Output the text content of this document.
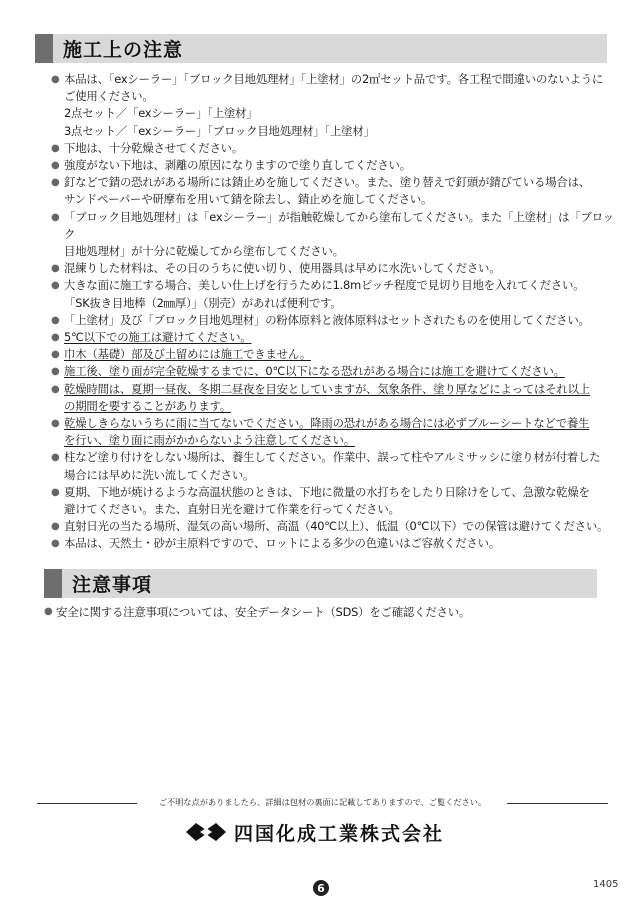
施工上の注意
● 本品は、「exシーラー」「ブロック目地処理材」「上塗材」の2㎡セット品です。各工程で間違いのないように
ご使用ください。
2点セット／「exシーラー」「上塗材」
3点セット／「exシーラー」「ブロック目地処理材」「上塗材」
● 下地は、十分乾燥させてください。
● 強度がない下地は、剥離の原因になりますので塗り直してください。
● 釘などで錆の恐れがある場所には錆止めを施してください。また、塗り替えで釘頭が錆びている場合は、
サンドペーパーや研摩布を用いて錆を除去し、錆止めを施してください。
● 「ブロック目地処理材」は「exシーラー」が指触乾燥してから塗布してください。また「上塗材」は「ブロック
目地処理材」が十分に乾燥してから塗布してください。
● 混練りした材料は、その日のうちに使い切り、使用器具は早めに水洗いしてください。
● 大きな面に施工する場合、美しい仕上げを行うために1.8mピッチ程度で見切り目地を入れてください。
「SK抜き目地棒（2㎜厚）」（別売）があれば便利です。
● 「上塗材」及び「ブロック目地処理材」の粉体原料と液体原料はセットされたものを使用してください。
● 5℃以下での施工は避けてください。
● 巾木（基礎）部及び土留めには施工できません。
● 施工後、塗り面が完全乾燥するまでに、0℃以下になる恐れがある場合には施工を避けてください。
● 乾燥時間は、夏期一昼夜、冬期二昼夜を目安としていますが、気象条件、塗り厚などによってはそれ以上
の期間を要することがあります。
● 乾燥しきらないうちに雨に当てないでください。降雨の恐れがある場合には必ずブルーシートなどで養生
を行い、塗り面に雨がかからないよう注意してください。
● 柱など塗り付けをしない場所は、養生してください。作業中、誤って柱やアルミサッシに塗り材が付着した
場合には早めに洗い流してください。
● 夏期、下地が焼けるような高温状態のときは、下地に微量の水打ちをしたり日除けをして、急激な乾燥を
避けてください。また、直射日光を避けて作業を行ってください。
● 直射日光の当たる場所、湿気の高い場所、高温（40℃以上）、低温（0℃以下）での保管は避けてください。
● 本品は、天然土・砂が主原料ですので、ロットによる多少の色違いはご容赦ください。
注意事項
● 安全に関する注意事項については、安全データシート（SDS）をご確認ください。
ご不明な点がありましたら、詳細は包材の裏面に記載してありますので、ご覧ください。
四国化成工業株式会社
6	1405
